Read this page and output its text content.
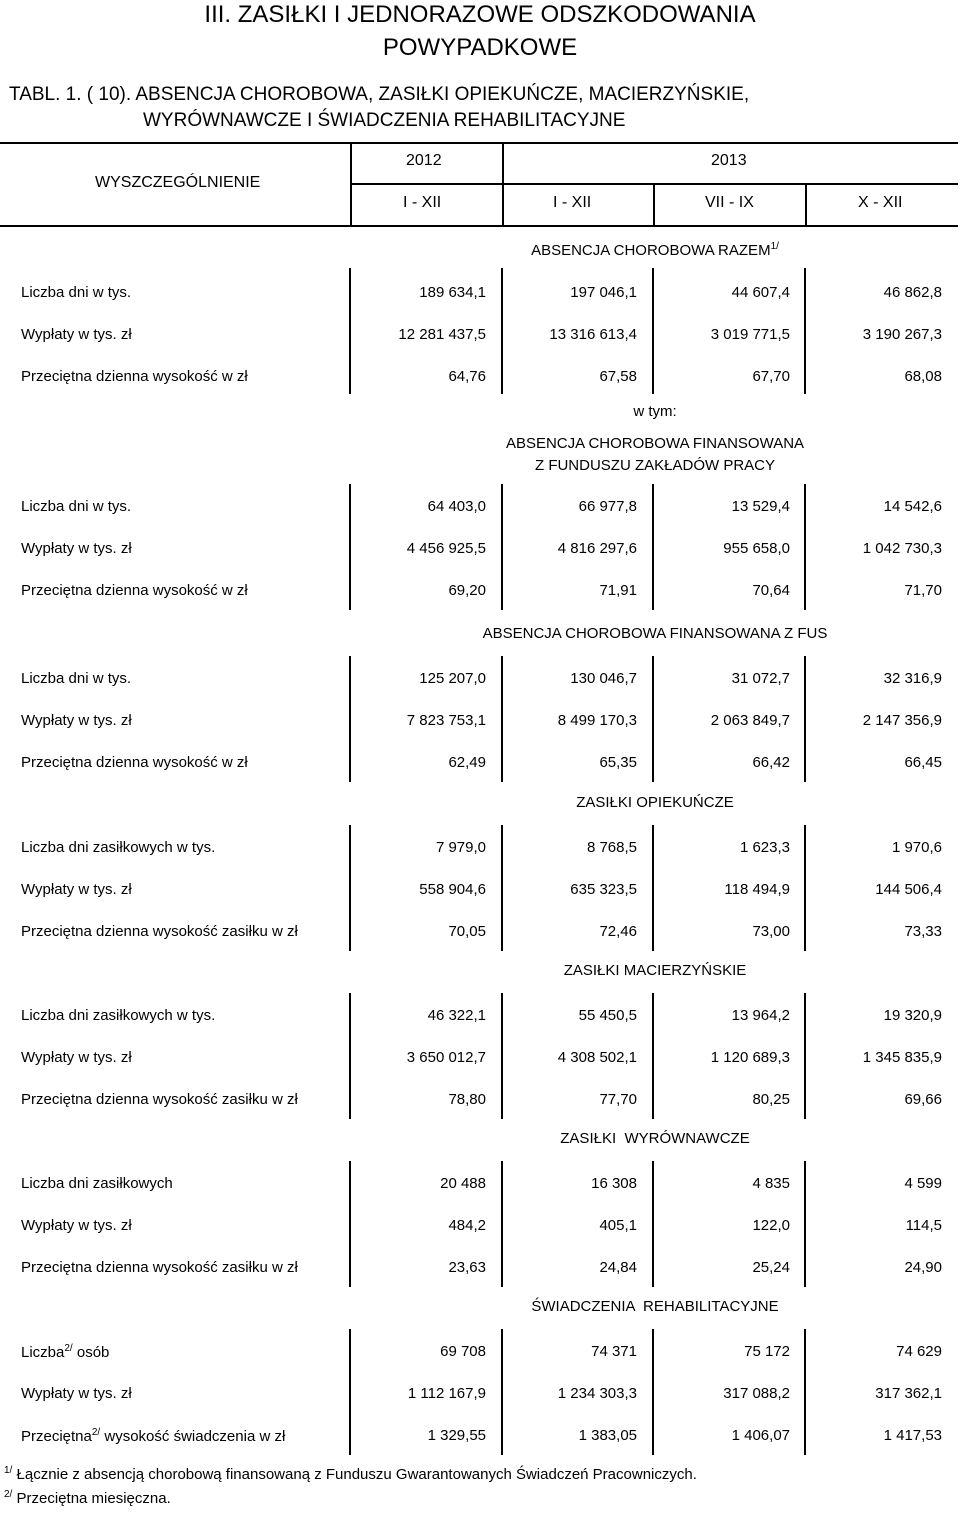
III. ZASIŁKI I JEDNORAZOWE ODSZKODOWANIA
POWYPADKOWE
TABL. 1. ( 10). ABSENCJA CHOROBOWA, ZASIŁKI OPIEKUŃCZE, MACIERZYŃSKIE,
WYRÓWNAWCZE I ŚWIADCZENIA REHABILITACYJNE
WYSZCZEGÓLNIENIE
2012	2013
I - XII	I - XII	VII - IX	X - XII
ABSENCJA CHOROBOWA $RAZEM^{1/}$
Liczba dni w tys.	189 634,1	197 046,1	44 607,4	46 862,8
Wypłaty w tys. zł	12 281 437,5	13 316 613,4	3 019 771,5	3 190 267,3
Przeciętna dzienna wysokość w zł	64,76	67,58	67,70	68,08
w tym:
ABSENCJA CHOROBOWA FINANSOWANA
Z FUNDUSZU ZAKŁADÓW PRACY
Liczba dni w tys.	64 403,0	66 977,8	13 529,4	14 542,6
Wypłaty w tys. zł	4 456 925,5	4 816 297,6	955 658,0	1 042 730,3
Przeciętna dzienna wysokość w zł	69,20	71,91	70,64	71,70
ABSENCJA CHOROBOWA FINANSOWANA Z FUS
Liczba dni w tys.	125 207,0	130 046,7	31 072,7	32 316,9
Wypłaty w tys. zł	7 823 753,1	8 499 170,3	2 063 849,7	2 147 356,9
Przeciętna dzienna wysokość w zł	62,49	65,35	66,42	66,45
ZASIŁKI OPIEKUŃCZE
Liczba dni zasiłkowych w tys.	7 979,0	8 768,5	1 623,3	1 970,6
Wypłaty w tys. zł	558 904,6	635 323,5	118 494,9	144 506,4
Przeciętna dzienna wysokość zasiłku w zł	70,05	72,46	73,00	73,33
ZASIŁKI MACIERZYŃSKIE
Liczba dni zasiłkowych w tys.	46 322,1	55 450,5	13 964,2	19 320,9
Wypłaty w tys. zł	3 650 012,7	4 308 502,1	1 120 689,3	1 345 835,9
Przeciętna dzienna wysokość zasiłku w zł	78,80	77,70	80,25	69,66
ZASIŁKI  WYRÓWNAWCZE
Liczba dni zasiłkowych	20 488	16 308	4 835	4 599
Wypłaty w tys. zł	484,2	405,1	122,0	114,5
Przeciętna dzienna wysokość zasiłku w zł	23,63	24,84	25,24	24,90
ŚWIADCZENIA  REHABILITACYJNE
Liczba$^{2/}$ osób	69 708	74 371	75 172	74 629
Wypłaty w tys. zł	1 112 167,9	1 234 303,3	317 088,2	317 362,1
Przeciętna$^{2/}$ wysokość świadczenia w zł	1 329,55	1 383,05	1 406,07	1 417,53
$^{1/}$ Łącznie z absencją chorobową finansowaną z Funduszu Gwarantowanych Świadczeń Pracowniczych.
$^{2/}$ Przeciętna miesięczna.
